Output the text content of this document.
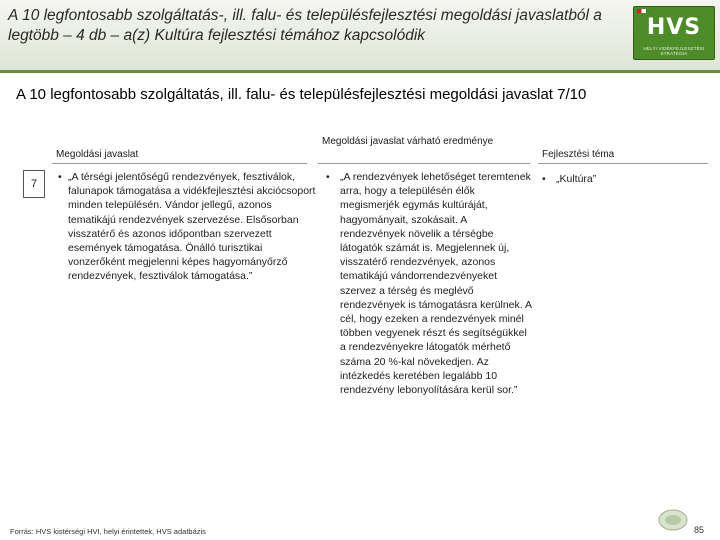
A 10 legfontosabb szolgáltatás-, ill. falu- és településfejlesztési megoldási javaslatból a legtöbb – 4 db – a(z) Kultúra fejlesztési témához kapcsolódik	HVS
HELYI VIDÉKFEJLESZTÉSI STRATÉGIA
A 10 legfontosabb szolgáltatás, ill. falu- és településfejlesztési megoldási javaslat 7/10
Megoldási javaslat
Megoldási javaslat várható eredménye
Fejlesztési téma
7
• „A térségi jelentőségű rendezvények, fesztiválok, falunapok támogatása a vidékfejlesztési akciócsoport minden településén. Vándor jellegű, azonos tematikájú rendezvények szervezése. Elsősorban visszatérő és azonos időpontban szervezett események támogatása. Önálló turisztikai vonzerőként megjelenni képes hagyományőrző rendezvények, fesztiválok támogatása.”
• „A rendezvények lehetőséget teremtenek arra, hogy a településén élők megismerjék egymás kultúráját, hagyományait, szokásait. A rendezvények növelik a térségbe látogatók számát is. Megjelennek új, visszatérő rendezvények, azonos tematikájú vándorrendezvényeket szervez a térség és meglévő rendezvények is támogatásra kerülnek. A cél, hogy ezeken a rendezvények minél többen vegyenek részt és segítségükkel a rendezvényekre látogatók mérhető száma 20 %-kal növekedjen. Az intézkedés keretében legalább 10 rendezvény lebonyolítására kerül sor.”
• „Kultúra”
Forrás: HVS kistérségi HVI, helyi érintettek, HVS adatbázis	85
